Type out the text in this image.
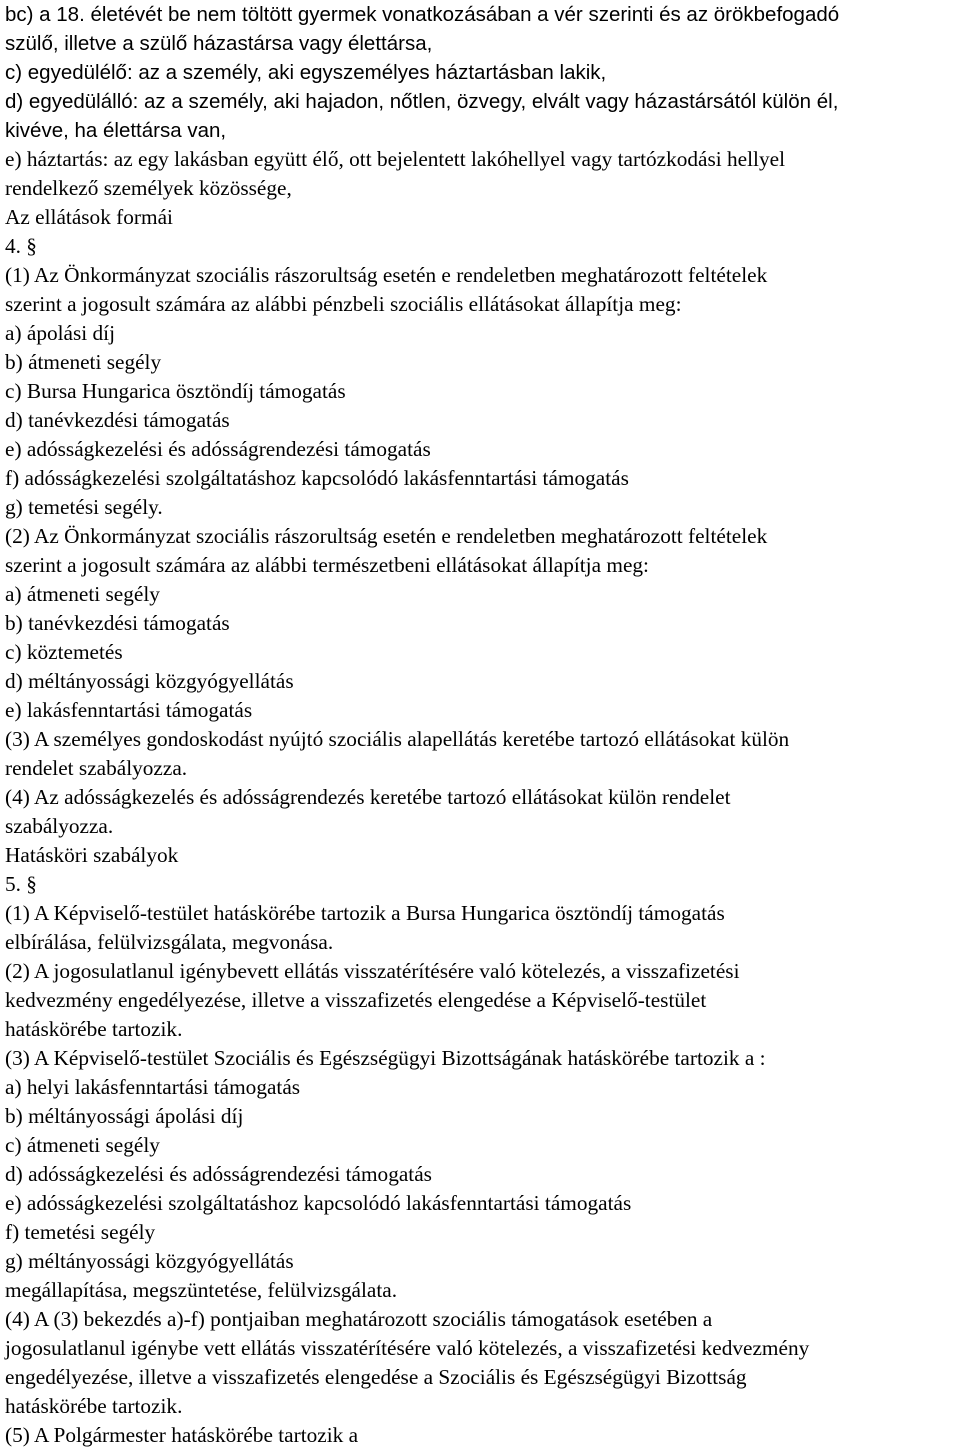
bc) a 18. életévét be nem töltött gyermek vonatkozásában a vér szerinti és az örökbefogadó
szülő, illetve a szülő házastársa vagy élettársa,
c) egyedülélő: az a személy, aki egyszemélyes háztartásban lakik,
d) egyedülálló: az a személy, aki hajadon, nőtlen, özvegy, elvált vagy házastársától külön él,
kivéve, ha élettársa van,
e) háztartás: az egy lakásban együtt élő, ott bejelentett lakóhellyel vagy tartózkodási hellyel
rendelkező személyek közössége,
Az ellátások formái
4. §
(1) Az Önkormányzat szociális rászorultság esetén e rendeletben meghatározott feltételek
szerint a jogosult számára az alábbi pénzbeli szociális ellátásokat állapítja meg:
a) ápolási díj
b) átmeneti segély
c) Bursa Hungarica ösztöndíj támogatás
d) tanévkezdési támogatás
e) adósságkezelési és adósságrendezési támogatás
f) adósságkezelési szolgáltatáshoz kapcsolódó lakásfenntartási támogatás
g) temetési segély.
(2) Az Önkormányzat szociális rászorultság esetén e rendeletben meghatározott feltételek
szerint a jogosult számára az alábbi természetbeni ellátásokat állapítja meg:
a) átmeneti segély
b) tanévkezdési támogatás
c) köztemetés
d) méltányossági közgyógyellátás
e) lakásfenntartási támogatás
(3) A személyes gondoskodást nyújtó szociális alapellátás keretébe tartozó ellátásokat külön
rendelet szabályozza.
(4) Az adósságkezelés és adósságrendezés keretébe tartozó ellátásokat külön rendelet
szabályozza.
Hatásköri szabályok
5. §
(1) A Képviselő-testület hatáskörébe tartozik a Bursa Hungarica ösztöndíj támogatás
elbírálása, felülvizsgálata, megvonása.
(2) A jogosulatlanul igénybevett ellátás visszatérítésére való kötelezés, a visszafizetési
kedvezmény engedélyezése, illetve a visszafizetés elengedése a Képviselő-testület
hatáskörébe tartozik.
(3) A Képviselő-testület Szociális és Egészségügyi Bizottságának hatáskörébe tartozik a :
a) helyi lakásfenntartási támogatás
b) méltányossági ápolási díj
c) átmeneti segély
d) adósságkezelési és adósságrendezési támogatás
e) adósságkezelési szolgáltatáshoz kapcsolódó lakásfenntartási támogatás
f) temetési segély
g) méltányossági közgyógyellátás
megállapítása, megszüntetése, felülvizsgálata.
(4) A (3) bekezdés a)-f) pontjaiban meghatározott szociális támogatások esetében a
jogosulatlanul igénybe vett ellátás visszatérítésére való kötelezés, a visszafizetési kedvezmény
engedélyezése, illetve a visszafizetés elengedése a Szociális és Egészségügyi Bizottság
hatáskörébe tartozik.
(5) A Polgármester hatáskörébe tartozik a
